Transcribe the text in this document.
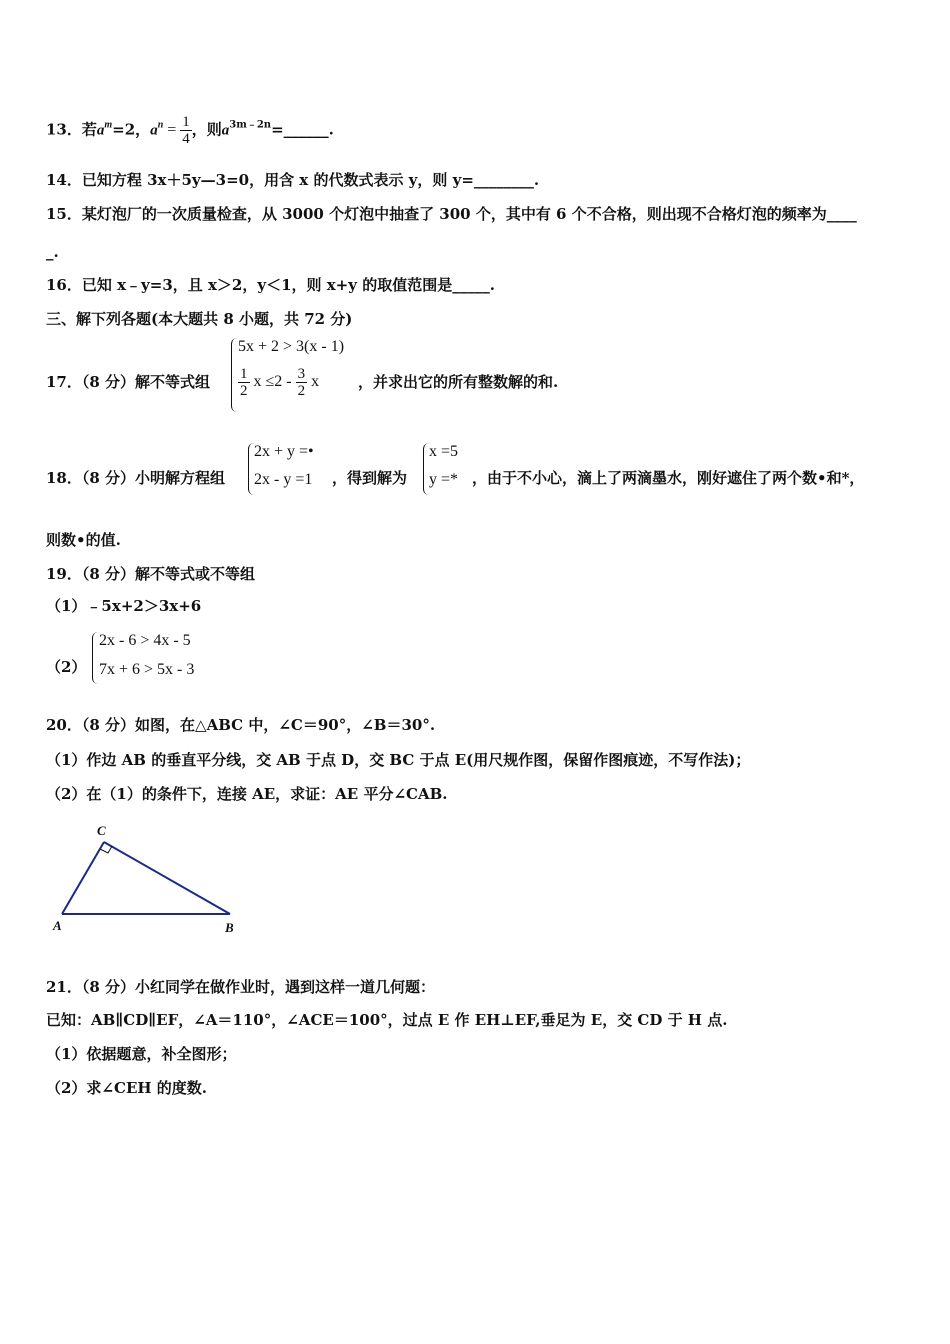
13．若$a^m=2$，$a^n = \frac{1}{4}$ ，则$a^{3m﹣2n}=\_\_\_\_\_\_$.
14．已知方程 3x＋5y—3=0，用含 x 的代数式表示 y，则 y=________.
15．某灯泡厂的一次质量检查，从 3000 个灯泡中抽查了 300 个，其中有 6 个不合格，则出现不合格灯泡的频率为____
_.
16．已知 x﹣y=3，且 x＞2，y＜1，则 x+y 的取值范围是_____.
三、解下列各题(本大题共 8 小题，共 72 分)
17．（8 分）解不等式组
5x + 2 > 3(x - 1)
$\frac{1}{2}$ $x \le 2 - \frac{3}{2}$ x	，并求出它的所有整数解的和.
18．（8 分）小明解方程组
2x + y =•
2x - y =1 ，得到解为
x =5
y =* ，由于不小心，滴上了两滴墨水，刚好遮住了两个数•和*，
则数•的值.
19．（8 分）解不等式或不等组
（1）﹣5x+2＞3x+6
（2）
2x - 6 > 4x - 5
7x + 6 > 5x - 3
20．（8 分）如图，在△ABC 中，∠C＝90°，∠B＝30°.
（1）作边 AB 的垂直平分线，交 AB 于点 D，交 BC 于点 E(用尺规作图，保留作图痕迹，不写作法)；
（2）在（1）的条件下，连接 AE，求证：AE 平分∠CAB.
C
A	B
21．（8 分）小红同学在做作业时，遇到这样一道几何题：
已知：AB∥CD∥EF，∠A＝110°，∠ACE＝100°，过点 E 作 EH⊥EF,垂足为 E，交 CD 于 H 点.
（1）依据题意，补全图形；
（2）求∠CEH 的度数.
